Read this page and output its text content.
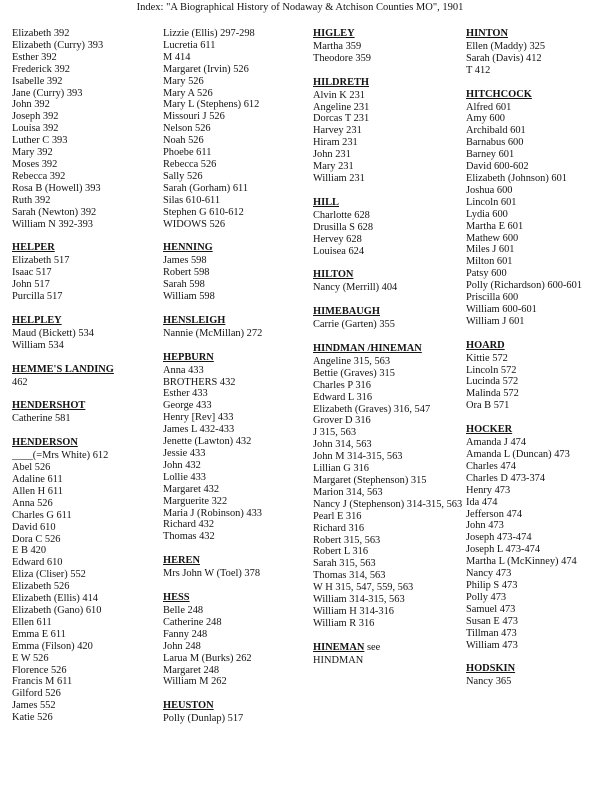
Index: "A Biographical History of Nodaway & Atchison Counties MO", 1901
Elizabeth 392
Elizabeth (Curry) 393
Esther 392
Frederick 392
Isabelle 392
Jane (Curry) 393
John 392
Joseph 392
Louisa 392
Luther C 393
Mary 392
Moses 392
Rebecca 392
Rosa B (Howell) 393
Ruth 392
Sarah (Newton) 392
William N 392-393
HELPER
Elizabeth 517
Isaac 517
John 517
Purcilla 517
HELPLEY
Maud (Bickett) 534
William 534
HEMME'S LANDING
462
HENDERSHOT
Catherine 581
HENDERSON
____(=Mrs White) 612
Abel 526
Adaline 611
Allen H 611
Anna 526
Charles G 611
David 610
Dora C 526
E B 420
Edward 610
Eliza (Cliser) 552
Elizabeth 526
Elizabeth (Ellis) 414
Elizabeth (Gano) 610
Ellen 611
Emma E 611
Emma (Filson) 420
E W 526
Florence 526
Francis M 611
Gilford 526
James 552
Katie 526
Lizzie (Ellis) 297-298
Lucretia 611
M 414
Margaret (Irvin) 526
Mary 526
Mary A 526
Mary L (Stephens) 612
Missouri J 526
Nelson 526
Noah 526
Phoebe 611
Rebecca 526
Sally 526
Sarah (Gorham) 611
Silas 610-611
Stephen G 610-612
WIDOWS 526
HENNING
James 598
Robert 598
Sarah 598
William 598
HENSLEIGH
Nannie (McMillan) 272
HEPBURN
Anna 433
BROTHERS 432
Esther 433
George 433
Henry [Rev] 433
James L 432-433
Jenette (Lawton) 432
Jessie 433
John 432
Lollie 433
Margaret 432
Marguerite 322
Maria J (Robinson) 433
Richard 432
Thomas 432
HEREN
Mrs John W (Toel) 378
HESS
Belle 248
Catherine 248
Fanny 248
John 248
Larua M (Burks) 262
Margaret 248
William M 262
HEUSTON
Polly (Dunlap) 517
HIGLEY
Martha 359
Theodore 359
HILDRETH
Alvin K 231
Angeline 231
Dorcas T 231
Harvey 231
Hiram 231
John 231
Mary 231
William 231
HILL
Charlotte 628
Drusilla S 628
Hervey 628
Louisea 624
HILTON
Nancy (Merrill) 404
HIMEBAUGH
Carrie (Garten) 355
HINDMAN /HINEMAN
Angeline 315, 563
Bettie (Graves) 315
Charles P 316
Edward L 316
Elizabeth (Graves) 316, 547
Grover D 316
J 315, 563
John 314, 563
John M 314-315, 563
Lillian G 316
Margaret (Stephenson) 315
Marion 314, 563
Nancy J (Stephenson) 314-315, 563
Pearl E 316
Richard 316
Robert 315, 563
Robert L 316
Sarah 315, 563
Thomas 314, 563
W H 315, 547, 559, 563
William 314-315, 563
William H 314-316
William R 316
HINEMAN see
HINDMAN
HINTON
Ellen (Maddy) 325
Sarah (Davis) 412
T 412
HITCHCOCK
Alfred 601
Amy 600
Archibald 601
Barnabus 600
Barney 601
David 600-602
Elizabeth (Johnson) 601
Joshua 600
Lincoln 601
Lydia 600
Martha E 601
Mathew 600
Miles J 601
Milton 601
Patsy 600
Polly (Richardson) 600-601
Priscilla 600
William 600-601
William J 601
HOARD
Kittie 572
Lincoln 572
Lucinda 572
Malinda 572
Ora B 571
HOCKER
Amanda J 474
Amanda L (Duncan) 473
Charles 474
Charles D 473-374
Henry 473
Ida 474
Jefferson 474
John 473
Joseph 473-474
Joseph L 473-474
Martha L (McKinney) 474
Nancy 473
Philip S 473
Polly 473
Samuel 473
Susan E 473
Tillman 473
William 473
HODSKIN
Nancy 365
